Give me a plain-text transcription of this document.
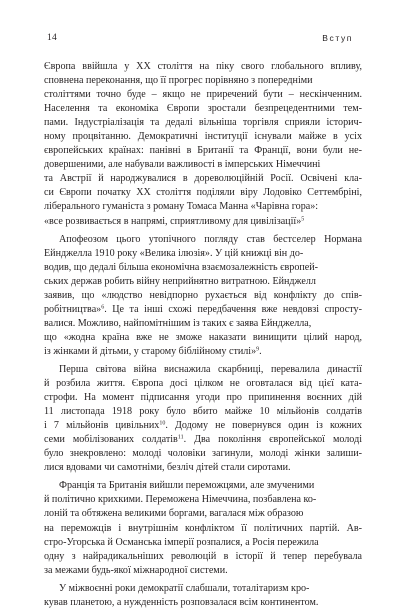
14	Вступ
Європа ввійшла у ХХ століття на піку свого глобального впливу,
сповнена переконання, що її прогрес порівняно з попередніми
століттями точно буде – якщо не приречений бути – нескінченним.
Населення та економіка Європи зростали безпрецедентними тем-
пами. Індустріалізація та дедалі вільніша торгівля сприяли історич-
ному процвітанню. Демократичні інституції існували майже в усіх
європейських країнах: панівні в Британії та Франції, вони були не-
довершеними, але набували важливості в імперських Німеччині
та Австрії й народжувалися в дореволюційній Росії. Освічені кла-
си Європи початку ХХ століття поділяли віру Лодовіко Сеттембріні,
ліберального гуманіста з роману Томаса Манна «Чарівна гора»:
«все розвивається в напрямі, сприятливому для цивілізації»$^5$
Апофеозом цього утопічного погляду став бестселер Нормана
Ейнджелла 1910 року «Велика ілюзія». У цій книжці він до-
водив, що дедалі більша економічна взаємозалежність європей-
ських держав робить війну неприйнятно витратною. Ейнджелл
заявив, що «людство невідпорно рухається від конфлікту до спів-
робітництва»$^6$. Це та інші схожі передбачення вже невдовзі спросту-
валися. Можливо, найпомітнішим із таких є заява Ейнджелла,
що «жодна країна вже не зможе наказати винищити цілий народ,
із жінками й дітьми, у старому біблійному стилі»$^9$.
Перша світова війна виснажила скарбниці, перевалила династії
й розбила життя. Європа досі цілком не оговталася від цієї ката-
строфи. На момент підписання угоди про припинення воєнних дій
11 листопада 1918 року було вбито майже 10 мільйонів солдатів
і 7 мільйонів цивільних$^{10}$. Додому не повернувся один із кожних
семи мобілізованих солдатів$^{11}$. Два покоління європейської молоді
було знекровлено: молоді чоловіки загинули, молоді жінки залиши-
лися вдовами чи самотніми, безліч дітей стали сиротами.
Франція та Британія вийшли переможцями, але змученими
й політично крихкими. Переможена Німеччина, позбавлена ко-
лоній та обтяжена великими боргами, вагалася між образою
на переможців і внутрішнім конфліктом її політичних партій. Ав-
стро-Угорська й Османська імперії розпалися, а Росія пережила
одну з найрадикальніших революцій в історії й тепер перебувала
за межами будь-якої міжнародної системи.
У міжвоєнні роки демократії слабшали, тоталітаризм кро-
кував планетою, а нужденність розповзалася всім континентом.
